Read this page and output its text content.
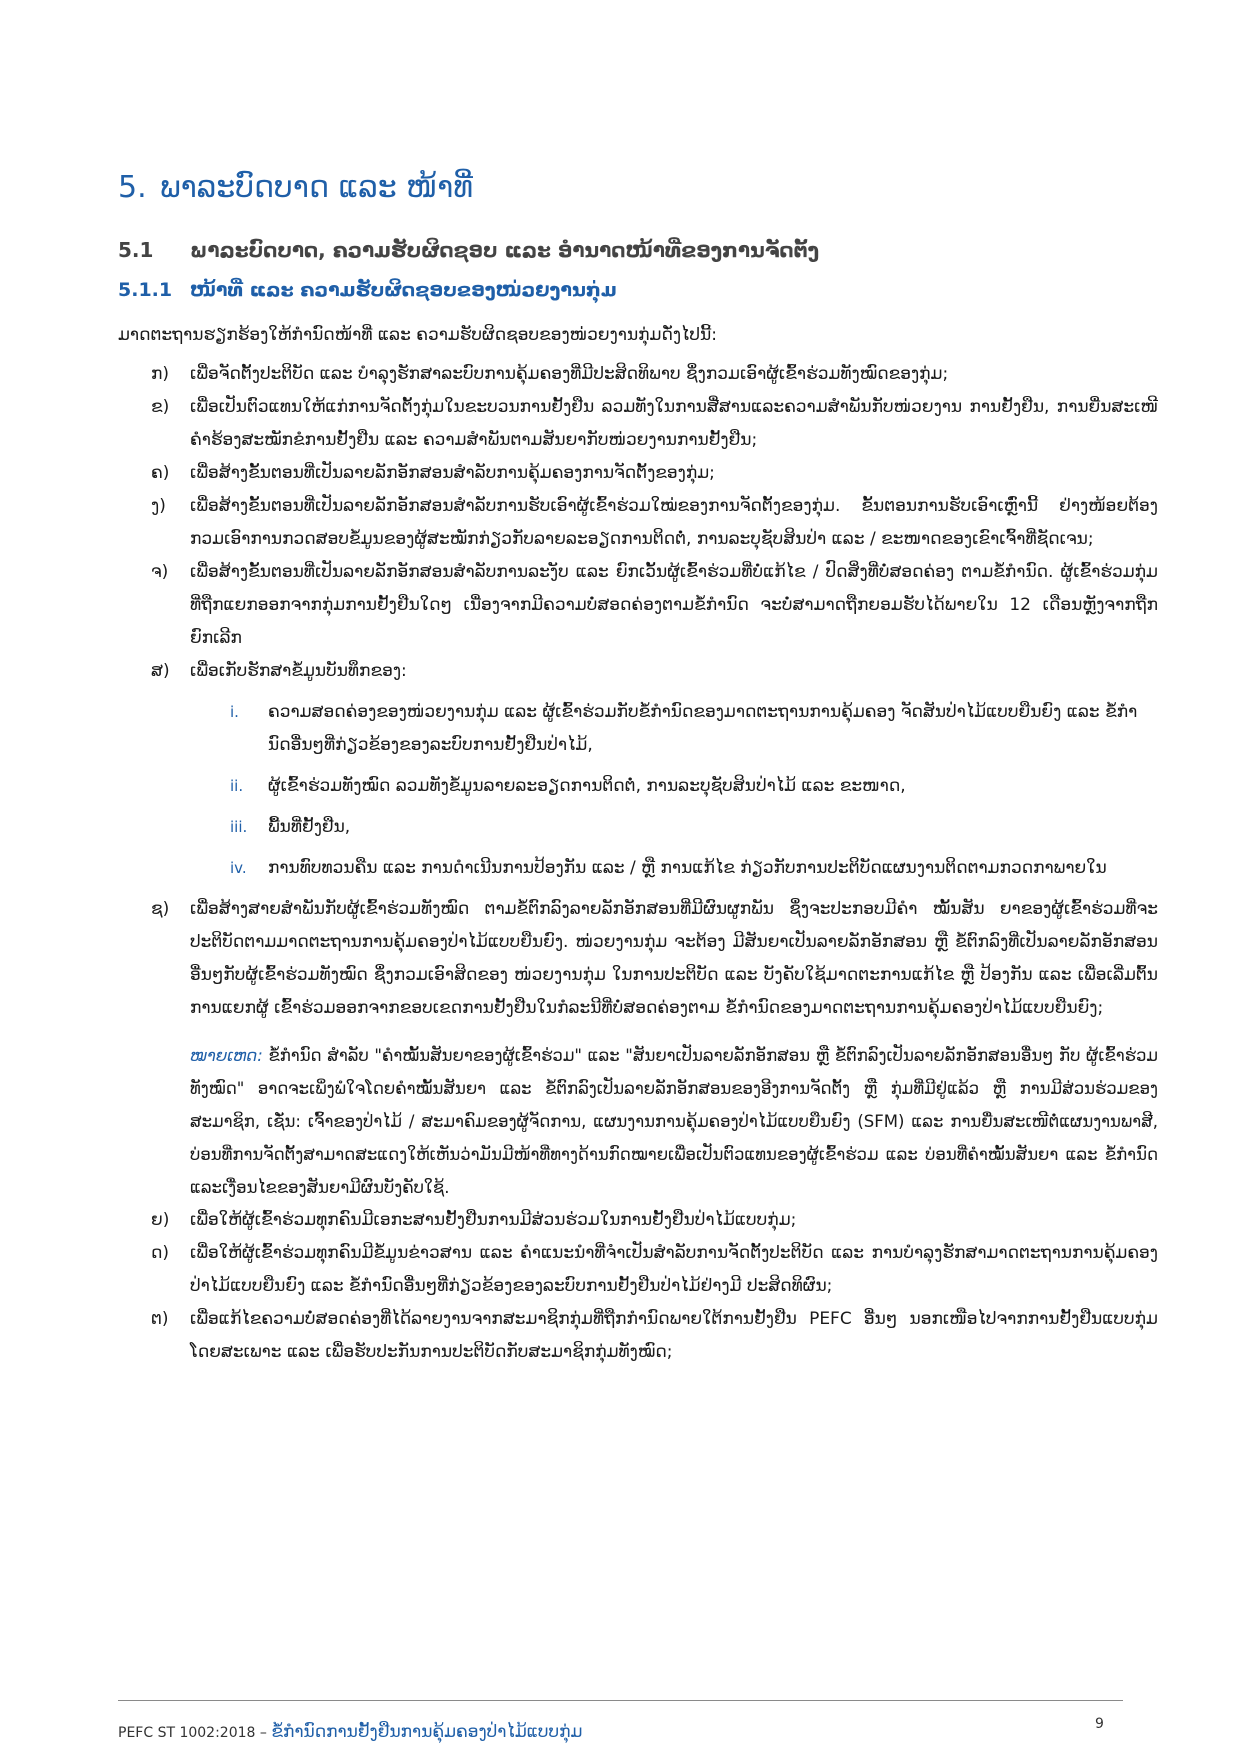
5. ພາລະບົດບາດ ແລະ ໜ້າທີ່
5.1 ພາລະບົດບາດ, ຄວາມຮັບຜິດຊອບ ແລະ ອຳນາດໜ້າທີ່ຂອງການຈັດຕັ້ງ
5.1.1 ໜ້າທີ່ ແລະ ຄວາມຮັບຜິດຊອບຂອງໜ່ວຍງານກຸ່ມ
ມາດຕະຖານຮຽກຮ້ອງໃຫ້ກຳນົດໜ້າທີ່ ແລະ ຄວາມຮັບຜິດຊອບຂອງໜ່ວຍງານກຸ່ມດັ່ງໄປນີ້:

ກ) ເພື່ອຈັດຕັ້ງປະຕິບັດ ແລະ ບຳລຸງຮັກສາລະບົບການຄຸ້ມຄອງທີ່ມີປະສິດທິພາບ ຊຶ່ງກວມເອົາຜູ້ເຂົ້າຮ່ວມທັງໝົດຂອງກຸ່ມ;

ຂ) ເພື່ອເປັນຕົວແທນໃຫ້ແກ່ການຈັດຕັ້ງກຸ່ມໃນຂະບວນການຢັ້ງຢືນ ລວມທັງໃນການສື່ສານແລະຄວາມສຳພັນກັບໜ່ວຍງານ ການຢັ້ງຢືນ, ການຍື່ນສະເໜີຄຳຮ້ອງສະໝັກຂໍການຢັ້ງຢືນ ແລະ ຄວາມສຳພັນຕາມສັນຍາກັບໜ່ວຍງານການຢັ້ງຢືນ;

ຄ) ເພື່ອສ້າງຂັ້ນຕອນທີ່ເປັນລາຍລັກອັກສອນສຳລັບການຄຸ້ມຄອງການຈັດຕັ້ງຂອງກຸ່ມ;

ງ) ເພື່ອສ້າງຂັ້ນຕອນທີ່ເປັນລາຍລັກອັກສອນສຳລັບການຮັບເອົາຜູ້ເຂົ້າຮ່ວມໃໝ່ຂອງການຈັດຕັ້ງຂອງກຸ່ມ. ຂັ້ນຕອນການຮັບເອົາເຫຼົ່ານີ້ ຢ່າງໜ້ອຍຕ້ອງກວມເອົາການກວດສອບຂໍ້ມູນຂອງຜູ້ສະໝັກກ່ຽວກັບລາຍລະອຽດການຕິດຕໍ່, ການລະບຸຊັບສິນປ່າ ແລະ / ຂະໜາດຂອງເຂົາເຈົ້າທີ່ຊັດເຈນ;

ຈ) ເພື່ອສ້າງຂັ້ນຕອນທີ່ເປັນລາຍລັກອັກສອນສຳລັບການລະງັບ ແລະ ຍົກເວັ້ນຜູ້ເຂົ້າຮ່ວມທີ່ບໍ່ແກ້ໄຂ / ປົດສິ່ງທີ່ບໍ່ສອດຄ່ອງ ຕາມຂໍ້ກຳນົດ. ຜູ້ເຂົ້າຮ່ວມກຸ່ມທີ່ຖືກແຍກອອກຈາກກຸ່ມການຢັ້ງຢືນໃດໆ ເນື່ອງຈາກມີຄວາມບໍ່ສອດຄ່ອງຕາມຂໍ້ກຳນົດ ຈະບໍ່ສາມາດຖືກຍອມຮັບໄດ້ພາຍໃນ 12 ເດືອນຫຼັງຈາກຖືກຍົກເລີກ

ສ) ເພື່ອເກັບຮັກສາຂໍ້ມູນບັນທຶກຂອງ:

i. ຄວາມສອດຄ່ອງຂອງໜ່ວຍງານກຸ່ມ ແລະ ຜູ້ເຂົ້າຮ່ວມກັບຂໍ້ກຳນົດຂອງມາດຕະຖານການຄຸ້ມຄອງ ຈັດສັນປ່າໄມ້ແບບຍືນຍົງ ແລະ ຂໍ້ກຳນົດອື່ນໆທີ່ກ່ຽວຂ້ອງຂອງລະບົບການຢັ້ງຢືນປ່າໄມ້,
ii. ຜູ້ເຂົ້າຮ່ວມທັງໝົດ ລວມທັງຂໍ້ມູນລາຍລະອຽດການຕິດຕໍ່, ການລະບຸຊັບສິນປ່າໄມ້ ແລະ ຂະໜາດ,
iii. ພື້ນທີ່ຢັ້ງຢືນ,
iv. ການທົບທວນຄືນ ແລະ ການດຳເນີນການປ້ອງກັນ ແລະ / ຫຼື ການແກ້ໄຂ ກ່ຽວກັບການປະຕິບັດແຜນງານຕິດຕາມກວດກາພາຍໃນ

ຊ) ເພື່ອສ້າງສາຍສຳພັນກັບຜູ້ເຂົ້າຮ່ວມທັງໝົດ ຕາມຂໍ້ຕົກລົງລາຍລັກອັກສອນທີ່ມີຜົນຜູກພັນ ຊຶ່ງຈະປະກອບມີຄຳ ໝັ້ນສັນ ຍາຂອງຜູ້ເຂົ້າຮ່ວມທີ່ຈະປະຕິບັດຕາມມາດຕະຖານການຄຸ້ມຄອງປ່າໄມ້ແບບຍືນຍົງ. ໜ່ວຍງານກຸ່ມ ຈະຕ້ອງ ມີສັນຍາເປັນລາຍລັກອັກສອນ ຫຼື ຂໍ້ຕົກລົງທີ່ເປັນລາຍລັກອັກສອນອື່ນໆກັບຜູ້ເຂົ້າຮ່ວມທັງໝົດ ຊຶ່ງກວມເອົາສິດຂອງ ໜ່ວຍງານກຸ່ມ ໃນການປະຕິບັດ ແລະ ບັງຄັບໃຊ້ມາດຕະການແກ້ໄຂ ຫຼື ປ້ອງກັນ ແລະ ເພື່ອເລີ່ມຕົ້ນການແຍກຜູ້ ເຂົ້າຮ່ວມອອກຈາກຂອບເຂດການຢັ້ງຢືນໃນກໍລະນີທີ່ບໍ່ສອດຄ່ອງຕາມ ຂໍ້ກຳນົດຂອງມາດຕະຖານການຄຸ້ມຄອງປ່າໄມ້ແບບຍືນຍົງ;

ໝາຍເຫດ: ຂໍ້ກຳນົດ ສຳລັບ "ຄຳໝັ້ນສັນຍາຂອງຜູ້ເຂົ້າຮ່ວມ" ແລະ "ສັນຍາເປັນລາຍລັກອັກສອນ ຫຼື ຂໍ້ຕົກລົງເປັນລາຍລັກອັກສອນອື່ນໆ ກັບ ຜູ້ເຂົ້າຮ່ວມທັງໝົດ" ອາດຈະເພິ່ງພໍໃຈໂດຍຄຳໝັ້ນສັນຍາ ແລະ ຂໍ້ຕົກລົງເປັນລາຍລັກອັກສອນຂອງອີງການຈັດຕັ້ງ ຫຼື ກຸ່ມທີ່ມີຢູ່ແລ້ວ ຫຼື ການມີສ່ວນຮ່ວມຂອງສະມາຊິກ, ເຊັ່ນ: ເຈົ້າຂອງປ່າໄມ້ / ສະມາຄົມຂອງຜູ້ຈັດການ, ແຜນງານການຄຸ້ມຄອງປ່າໄມ້ແບບຍືນຍົງ (SFM) ແລະ ການຍື່ນສະເໜີຕໍ່ແຜນງານພາສີ, ບ່ອນທີ່ການຈັດຕັ້ງສາມາດສະແດງໃຫ້ເຫັນວ່າມັນມີໜ້າທີ່ທາງດ້ານກົດໝາຍເພື່ອເປັນຕົວແທນຂອງຜູ້ເຂົ້າຮ່ວມ ແລະ ບ່ອນທີ່ຄຳໝັ້ນສັນຍາ ແລະ ຂໍ້ກຳນົດ ແລະເງື່ອນໄຂຂອງສັນຍາມີຜົນບັງຄັບໃຊ້.

ຍ) ເພື່ອໃຫ້ຜູ້ເຂົ້າຮ່ວມທຸກຄົນມີເອກະສານຢັ້ງຢືນການມີສ່ວນຮ່ວມໃນການຢັ້ງຢືນປ່າໄມ້ແບບກຸ່ມ;

ດ) ເພື່ອໃຫ້ຜູ້ເຂົ້າຮ່ວມທຸກຄົນມີຂໍ້ມູນຂ່າວສານ ແລະ ຄຳແນະນຳທີ່ຈຳເປັນສຳລັບການຈັດຕັ້ງປະຕິບັດ ແລະ ການບຳລຸງຮັກສາມາດຕະຖານການຄຸ້ມຄອງປ່າໄມ້ແບບຍືນຍົງ ແລະ ຂໍ້ກຳນົດອື່ນໆທີ່ກ່ຽວຂ້ອງຂອງລະບົບການຢັ້ງຢືນປ່າໄມ້ຢ່າງມີ ປະສິດທິຜົນ;

ຕ) ເພື່ອແກ້ໄຂຄວາມບໍ່ສອດຄ່ອງທີ່ໄດ້ລາຍງານຈາກສະມາຊິກກຸ່ມທີ່ຖືກກຳນົດພາຍໃຕ້ການຢັ້ງຢືນ PEFC ອື່ນໆ ນອກເໜືອໄປຈາກການຢັ້ງຢືນແບບກຸ່ມໂດຍສະເພາະ ແລະ ເພື່ອຮັບປະກັນການປະຕິບັດກັບສະມາຊິກກຸ່ມທັງໝົດ;

PEFC ST 1002:2018 – ຂໍ້ກຳນົດການຢັ້ງຢືນການຄຸ້ມຄອງປ່າໄມ້ແບບກຸ່ມ	9
